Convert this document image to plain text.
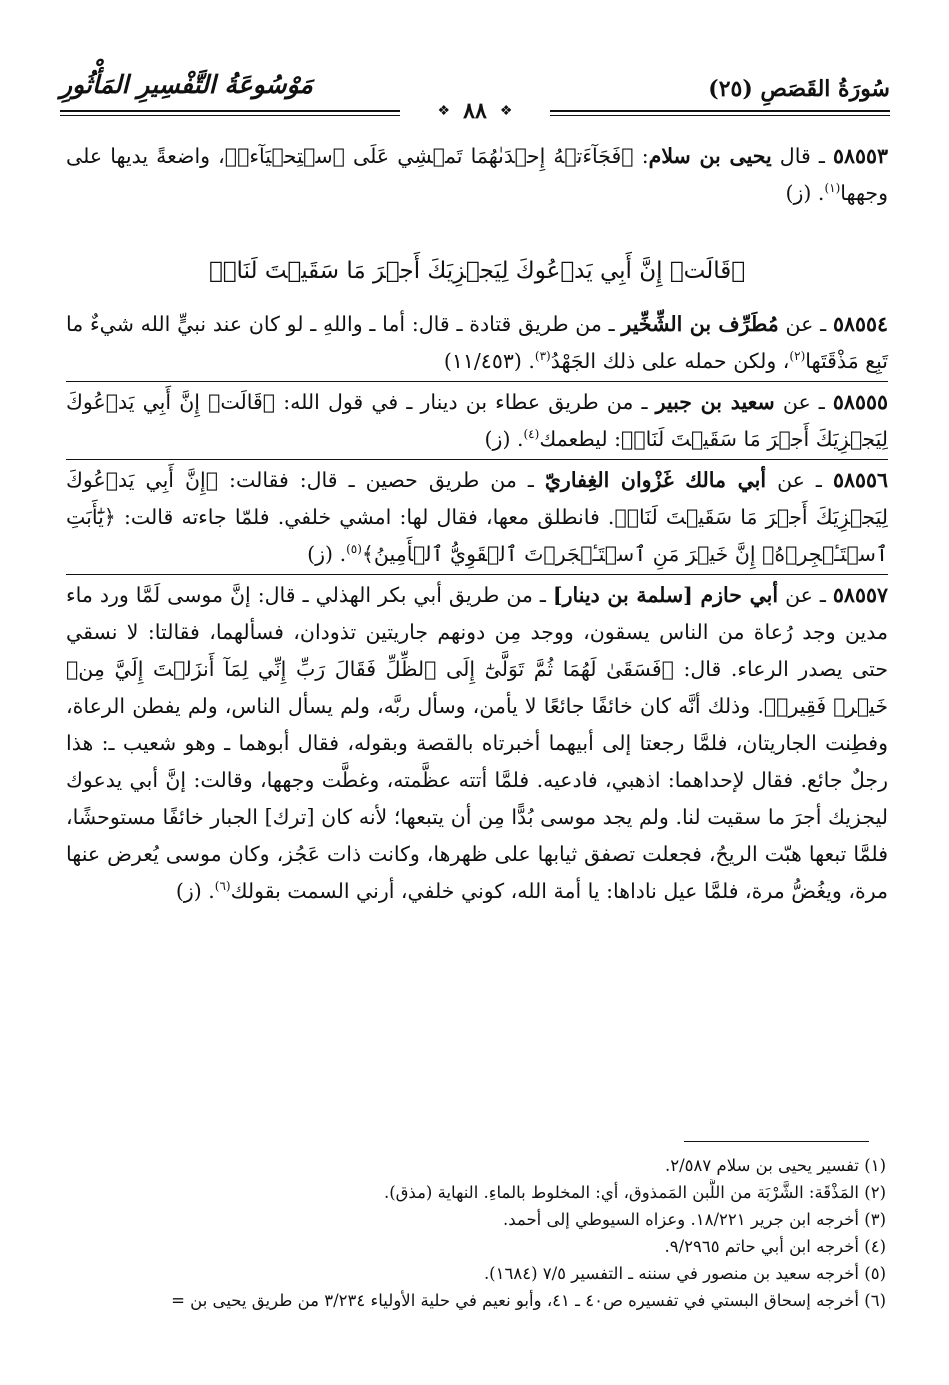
سُورَةُ القَصَصِ (٢٥)
مَوْسُوعَةُ التَّفْسِيرِ المَأْثُورِ
❖ ٨٨ ❖

٥٨٥٥٣ ـ قال يحيى بن سلام: ﴿فَجَآءَتۡهُ إِحۡدَىٰهُمَا تَمۡشِي عَلَى ٱسۡتِحۡيَآءٖ﴾، واضعةً يديها على وجهها$^{(١)}$. (ز)

﴿قَالَتۡ إِنَّ أَبِي يَدۡعُوكَ لِيَجۡزِيَكَ أَجۡرَ مَا سَقَيۡتَ لَنَاۚ﴾

٥٨٥٥٤ ـ عن مُطَرِّف بن الشِّخِّير ـ من طريق قتادة ـ قال: أما ـ واللهِ ـ لو كان عند نبيٍّ الله شيءٌ ما تَبِع مَذْقَتَها$^{(٢)}$، ولكن حمله على ذلك الجَهْدُ$^{(٣)}$. (١١/٤٥٣)

٥٨٥٥٥ ـ عن سعيد بن جبير ـ من طريق عطاء بن دينار ـ في قول الله: ﴿قَالَتۡ إِنَّ أَبِي يَدۡعُوكَ لِيَجۡزِيَكَ أَجۡرَ مَا سَقَيۡتَ لَنَاۚ﴾: ليطعمك$^{(٤)}$. (ز)

٥٨٥٥٦ ـ عن أبي مالك غَزْوان الغِفاريّ ـ من طريق حصين ـ قال: فقالت: ﴿إِنَّ أَبِي يَدۡعُوكَ لِيَجۡزِيَكَ أَجۡرَ مَا سَقَيۡتَ لَنَاۚ﴾. فانطلق معها، فقال لها: امشي خلفي. فلمّا جاءته قالت: ﴿يَٰٓأَبَتِ ٱسۡتَـٔۡجِرۡهُۖ إِنَّ خَيۡرَ مَنِ ٱسۡتَـٔۡجَرۡتَ ٱلۡقَوِيُّ ٱلۡأَمِينُ﴾$^{(٥)}$. (ز)

٥٨٥٥٧ ـ عن أبي حازم [سلمة بن دينار] ـ من طريق أبي بكر الهذلي ـ قال: إنَّ موسى لَمَّا ورد ماء مدين وجد رُعاة من الناس يسقون، ووجد مِن دونهم جاريتين تذودان، فسألهما، فقالتا: لا نسقي حتى يصدر الرعاء. قال: ﴿فَسَقَىٰ لَهُمَا ثُمَّ تَوَلَّىٰٓ إِلَى ٱلظِّلِّ فَقَالَ رَبِّ إِنِّي لِمَآ أَنزَلۡتَ إِلَيَّ مِنۡ خَيۡرٖ فَقِيرٞ﴾. وذلك أنَّه كان خائفًا جائعًا لا يأمن، وسأل ربَّه، ولم يسأل الناس، ولم يفطن الرعاة، وفطِنت الجاريتان، فلمَّا رجعتا إلى أبيهما أخبرتاه بالقصة وبقوله، فقال أبوهما ـ وهو شعيب ـ: هذا رجلٌ جائع. فقال لإحداهما: اذهبي، فادعيه. فلمَّا أتته عظَّمته، وغطَّت وجهها، وقالت: إنَّ أبي يدعوك ليجزيك أجرَ ما سقيت لنا. ولم يجد موسى بُدًّا مِن أن يتبعها؛ لأنه كان [ترك] الجبار خائفًا مستوحشًا، فلمَّا تبعها هبّت الريحُ، فجعلت تصفق ثيابها على ظهرها، وكانت ذات عَجُز، وكان موسى يُعرض عنها مرة، ويغُضُّ مرة، فلمَّا عيل ناداها: يا أمة الله، كوني خلفي، أرني السمت بقولك$^{(٦)}$. (ز)

(١) تفسير يحيى بن سلام ٢/٥٨٧.

(٢) المَذْقَة: الشَّرْبَة من اللَّبن المَمذوق، أي: المخلوط بالماءِ. النهاية (مذق).

(٣) أخرجه ابن جرير ١٨/٢٢١. وعزاه السيوطي إلى أحمد.

(٤) أخرجه ابن أبي حاتم ٩/٢٩٦٥.

(٥) أخرجه سعيد بن منصور في سننه ـ التفسير ٧/٥ (١٦٨٤).

(٦) أخرجه إسحاق البستي في تفسيره ص٤٠ ـ ٤١، وأبو نعيم في حلية الأولياء ٣/٢٣٤ من طريق يحيى بن =
